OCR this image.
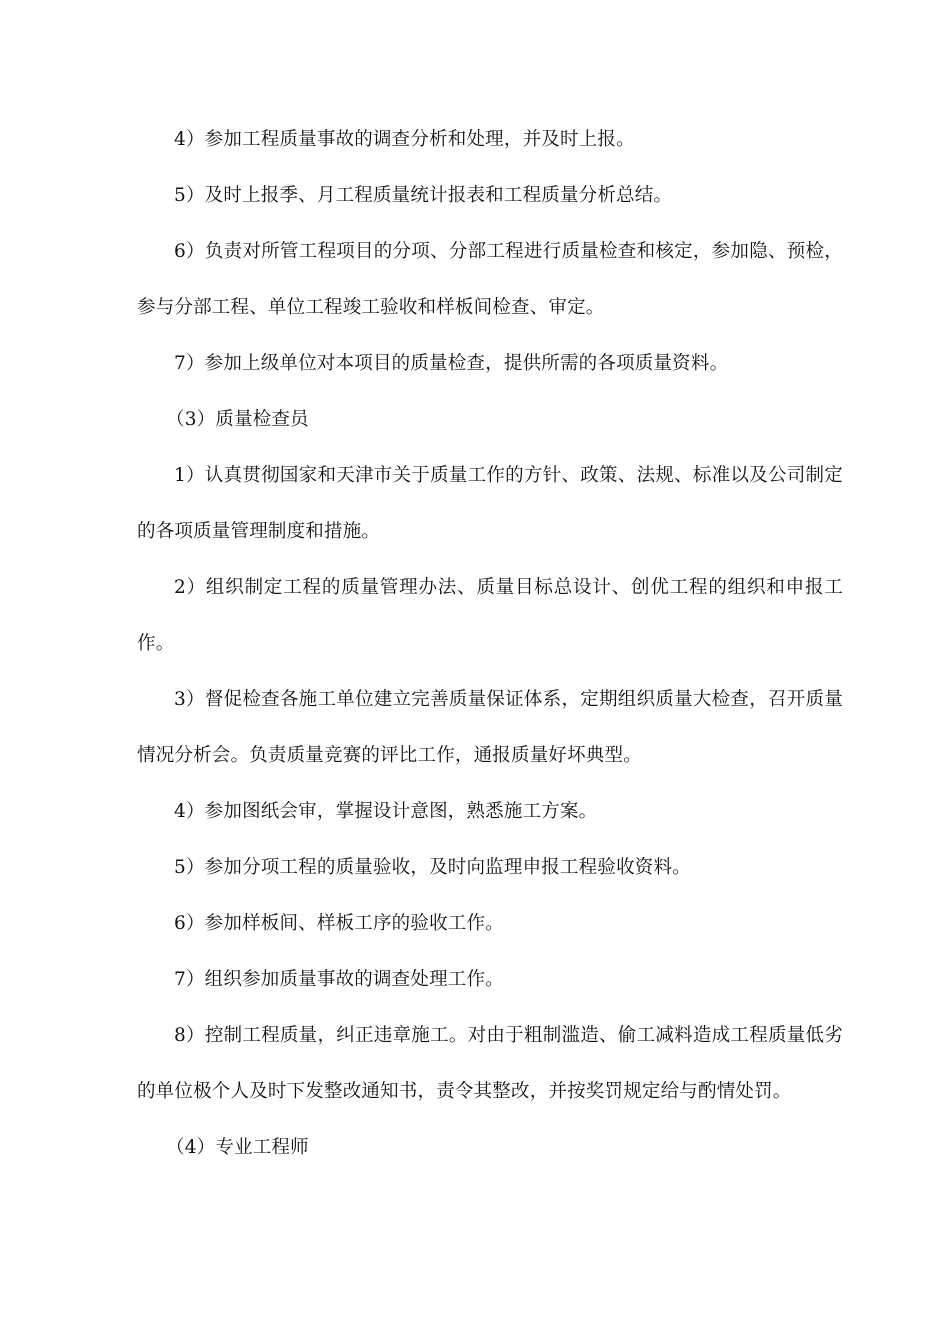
4）参加工程质量事故的调查分析和处理，并及时上报。

5）及时上报季、月工程质量统计报表和工程质量分析总结。

6）负责对所管工程项目的分项、分部工程进行质量检查和核定，参加隐、预检，参与分部工程、单位工程竣工验收和样板间检查、审定。

7）参加上级单位对本项目的质量检查，提供所需的各项质量资料。

（3）质量检查员

1）认真贯彻国家和天津市关于质量工作的方针、政策、法规、标准以及公司制定的各项质量管理制度和措施。

2）组织制定工程的质量管理办法、质量目标总设计、创优工程的组织和申报工作。

3）督促检查各施工单位建立完善质量保证体系，定期组织质量大检查，召开质量情况分析会。负责质量竞赛的评比工作，通报质量好坏典型。

4）参加图纸会审，掌握设计意图，熟悉施工方案。

5）参加分项工程的质量验收，及时向监理申报工程验收资料。

6）参加样板间、样板工序的验收工作。

7）组织参加质量事故的调查处理工作。

8）控制工程质量，纠正违章施工。对由于粗制滥造、偷工减料造成工程质量低劣的单位极个人及时下发整改通知书，责令其整改，并按奖罚规定给与酌情处罚。

（4）专业工程师
